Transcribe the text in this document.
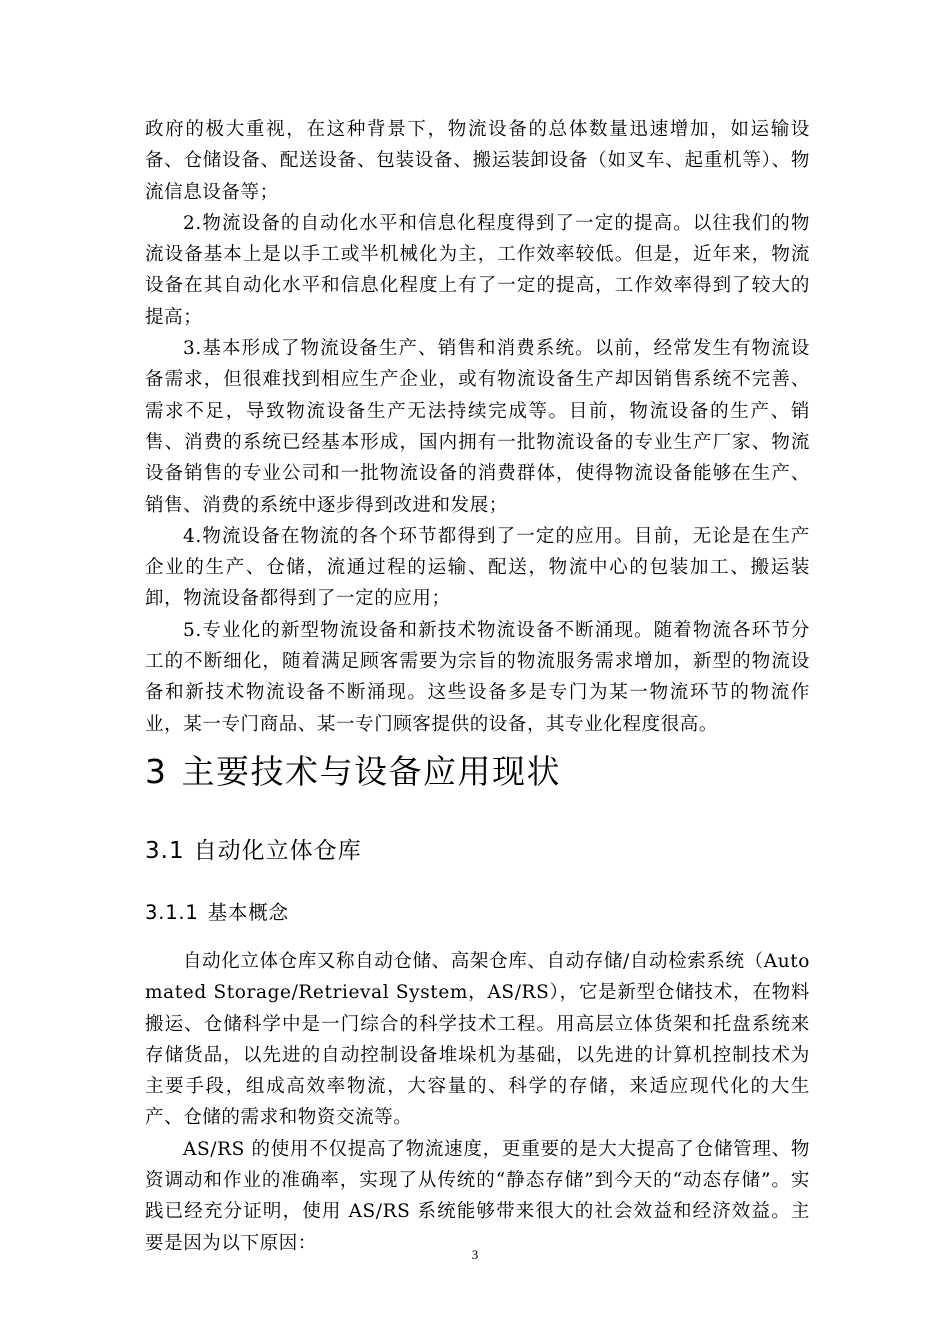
政府的极大重视，在这种背景下，物流设备的总体数量迅速增加，如运输设备、仓储设备、配送设备、包装设备、搬运装卸设备（如叉车、起重机等）、物流信息设备等；

2.物流设备的自动化水平和信息化程度得到了一定的提高。以往我们的物流设备基本上是以手工或半机械化为主，工作效率较低。但是，近年来，物流设备在其自动化水平和信息化程度上有了一定的提高，工作效率得到了较大的提高；

3.基本形成了物流设备生产、销售和消费系统。以前，经常发生有物流设备需求，但很难找到相应生产企业，或有物流设备生产却因销售系统不完善、需求不足，导致物流设备生产无法持续完成等。目前，物流设备的生产、销售、消费的系统已经基本形成，国内拥有一批物流设备的专业生产厂家、物流设备销售的专业公司和一批物流设备的消费群体，使得物流设备能够在生产、销售、消费的系统中逐步得到改进和发展；

4.物流设备在物流的各个环节都得到了一定的应用。目前，无论是在生产企业的生产、仓储，流通过程的运输、配送，物流中心的包装加工、搬运装卸，物流设备都得到了一定的应用；

5.专业化的新型物流设备和新技术物流设备不断涌现。随着物流各环节分工的不断细化，随着满足顾客需要为宗旨的物流服务需求增加，新型的物流设备和新技术物流设备不断涌现。这些设备多是专门为某一物流环节的物流作业，某一专门商品、某一专门顾客提供的设备，其专业化程度很高。

3 主要技术与设备应用现状
3.1 自动化立体仓库
3.1.1 基本概念

自动化立体仓库又称自动仓储、高架仓库、自动存储/自动检索系统（Automated Storage/Retrieval System，AS/RS），它是新型仓储技术，在物料搬运、仓储科学中是一门综合的科学技术工程。用高层立体货架和托盘系统来存储货品，以先进的自动控制设备堆垛机为基础，以先进的计算机控制技术为主要手段，组成高效率物流，大容量的、科学的存储，来适应现代化的大生产、仓储的需求和物资交流等。

AS/RS 的使用不仅提高了物流速度，更重要的是大大提高了仓储管理、物资调动和作业的准确率，实现了从传统的“静态存储”到今天的“动态存储”。实践已经充分证明，使用 AS/RS 系统能够带来很大的社会效益和经济效益。主要是因为以下原因：

3
